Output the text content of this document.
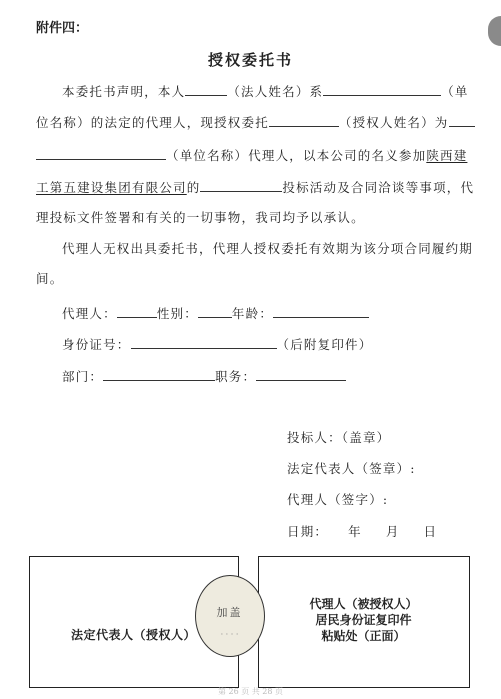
附件四：
授权委托书
本委托书声明，本人	（法人姓名）系	（单
位名称）的法定的代理人，现授权委托	（授权人姓名）为
（单位名称）代理人，以本公司的名义参加陕西建
工第五建设集团有限公司的	投标活动及合同洽谈等事项，代
理投标文件签署和有关的一切事物，我司均予以承认。
代理人无权出具委托书，代理人授权委托有效期为该分项合同履约期
间。
代理人：	性别：	年龄：
身份证号：	（后附复印件）
部门：	职务：
投标人：（盖章）
法定代表人（签章）:
代理人（签字）:
日期： 年 月 日
法定代表人（授权人）
代理人（被授权人）
居民身份证复印件
粘贴处（正面）
加盖
· · · ·
第 26 页 共 28 页
